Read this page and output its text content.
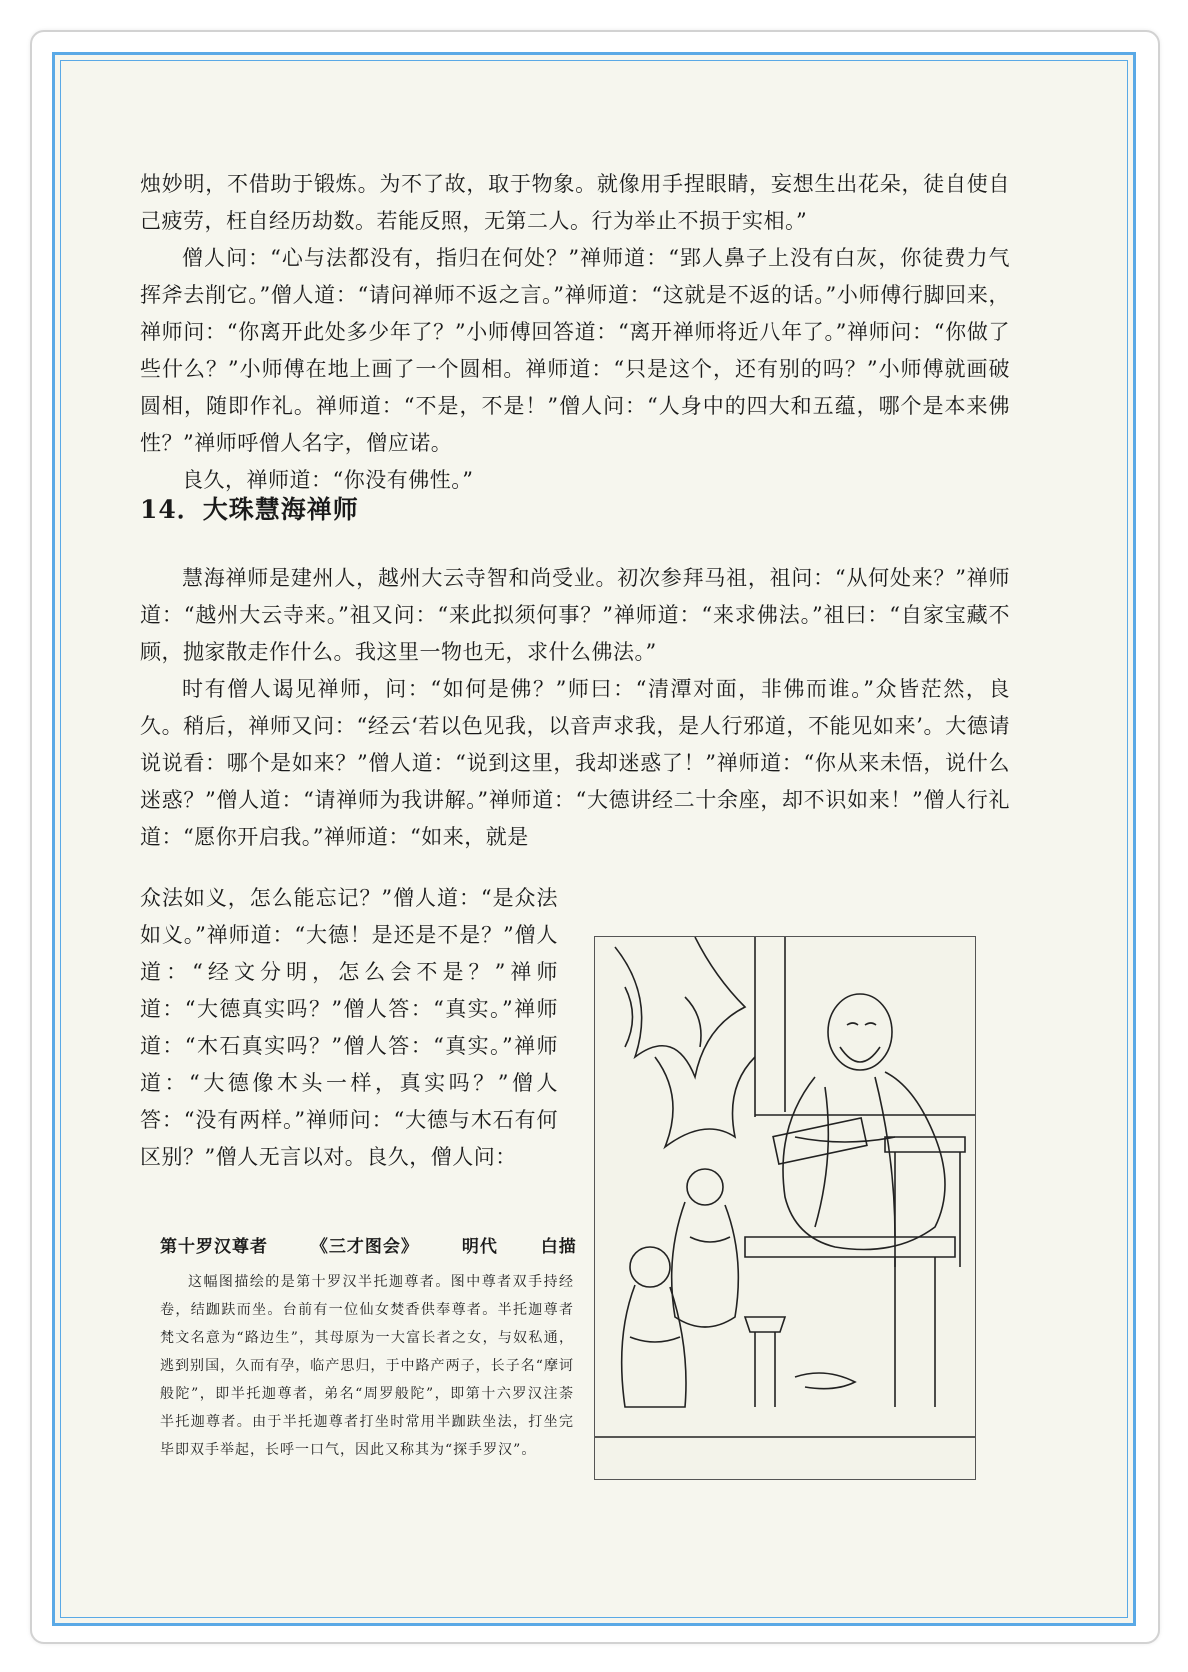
烛妙明，不借助于锻炼。为不了故，取于物象。就像用手捏眼睛，妄想生出花朵，徒自使自己疲劳，枉自经历劫数。若能反照，无第二人。行为举止不损于实相。”

僧人问：“心与法都没有，指归在何处？”禅师道：“郢人鼻子上没有白灰，你徒费力气挥斧去削它。”僧人道：“请问禅师不返之言。”禅师道：“这就是不返的话。”小师傅行脚回来，禅师问：“你离开此处多少年了？”小师傅回答道：“离开禅师将近八年了。”禅师问：“你做了些什么？”小师傅在地上画了一个圆相。禅师道：“只是这个，还有别的吗？”小师傅就画破圆相，随即作礼。禅师道：“不是，不是！”僧人问：“人身中的四大和五蕴，哪个是本来佛性？”禅师呼僧人名字，僧应诺。

良久，禅师道：“你没有佛性。”

14．大珠慧海禅师

慧海禅师是建州人，越州大云寺智和尚受业。初次参拜马祖，祖问：“从何处来？”禅师道：“越州大云寺来。”祖又问：“来此拟须何事？”禅师道：“来求佛法。”祖曰：“自家宝藏不顾，抛家散走作什么。我这里一物也无，求什么佛法。”

时有僧人谒见禅师，问：“如何是佛？”师曰：“清潭对面，非佛而谁。”众皆茫然，良久。稍后，禅师又问：“经云‘若以色见我，以音声求我，是人行邪道，不能见如来’。大德请说说看：哪个是如来？”僧人道：“说到这里，我却迷惑了！”禅师道：“你从来未悟，说什么迷惑？”僧人道：“请禅师为我讲解。”禅师道：“大德讲经二十余座，却不识如来！”僧人行礼道：“愿你开启我。”禅师道：“如来，就是

众法如义，怎么能忘记？”僧人道：“是众法如义。”禅师道：“大德！是还是不是？”僧人道：“经文分明，怎么会不是？”禅师道：“大德真实吗？”僧人答：“真实。”禅师道：“木石真实吗？”僧人答：“真实。”禅师道：“大德像木头一样，真实吗？”僧人答：“没有两样。”禅师问：“大德与木石有何区别？”僧人无言以对。良久，僧人问：
第十罗汉尊者	《三才图会》	明代	白描
这幅图描绘的是第十罗汉半托迦尊者。图中尊者双手持经卷，结跏趺而坐。台前有一位仙女焚香供奉尊者。半托迦尊者梵文名意为“路边生”，其母原为一大富长者之女，与奴私通，逃到别国，久而有孕，临产思归，于中路产两子，长子名“摩诃般陀”，即半托迦尊者，弟名“周罗般陀”，即第十六罗汉注荼半托迦尊者。由于半托迦尊者打坐时常用半跏趺坐法，打坐完毕即双手举起，长呼一口气，因此又称其为“探手罗汉”。
